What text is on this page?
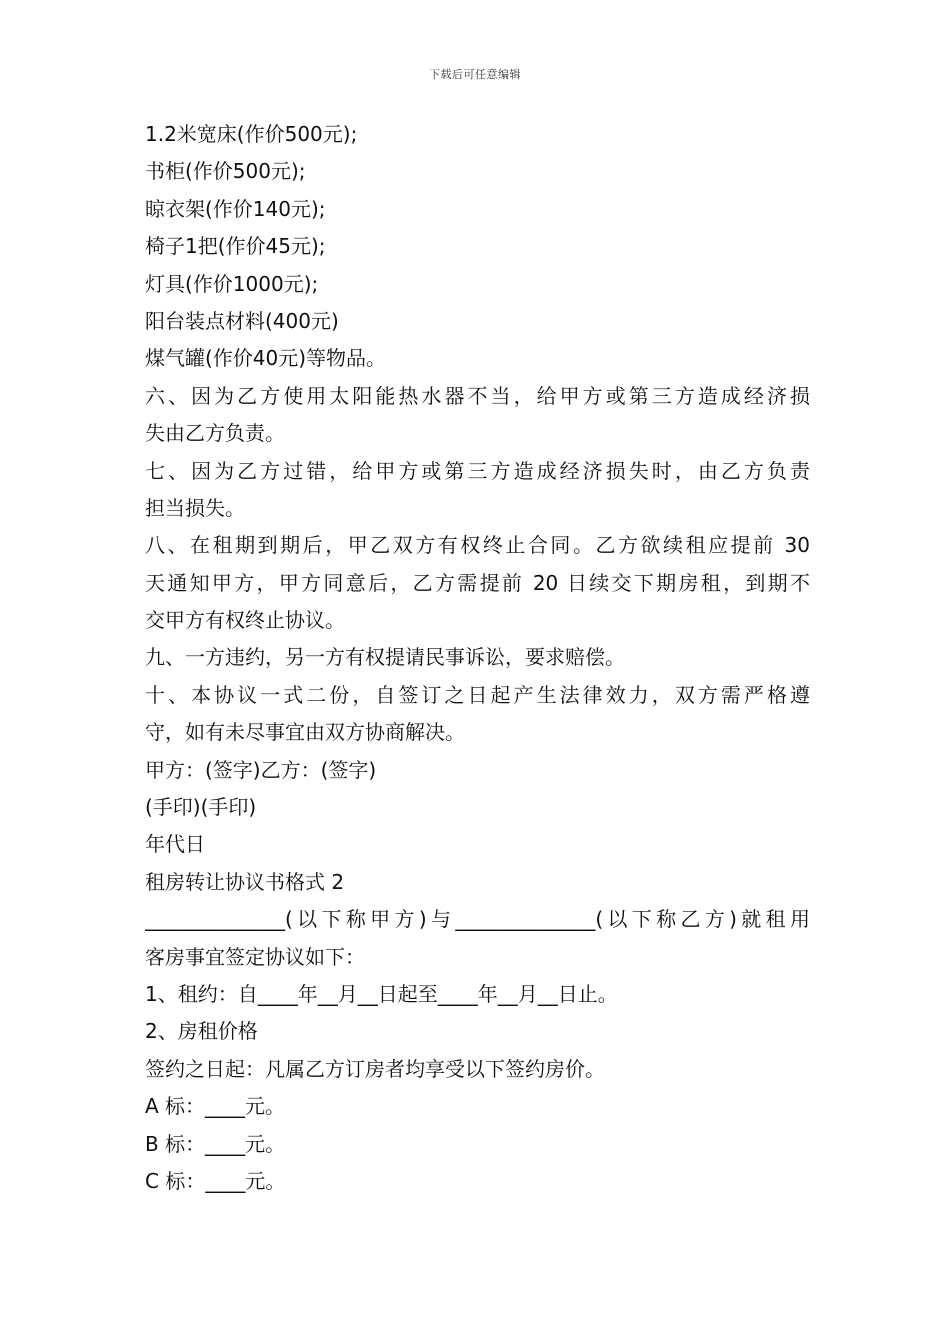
下载后可任意编辑
1.2米宽床(作价500元);
书柜(作价500元);
晾衣架(作价140元);
椅子1把(作价45元);
灯具(作价1000元);
阳台装点材料(400元)
煤气罐(作价40元)等物品。
六、因为乙方使用太阳能热水器不当，给甲方或第三方造成经济损
失由乙方负责。
七、因为乙方过错，给甲方或第三方造成经济损失时，由乙方负责
担当损失。
八、在租期到期后，甲乙双方有权终止合同。乙方欲续租应提前 30
天通知甲方，甲方同意后，乙方需提前 20 日续交下期房租，到期不
交甲方有权终止协议。
九、一方违约，另一方有权提请民事诉讼，要求赔偿。
十、本协议一式二份，自签订之日起产生法律效力，双方需严格遵
守，如有未尽事宜由双方协商解决。
甲方：(签字)乙方：(签字)
(手印)(手印)
年代日
租房转让协议书格式 2
______________(以下称甲方)与______________(以下称乙方)就租用
客房事宜签定协议如下：
1、租约：自____年__月__日起至____年__月__日止。
2、房租价格
签约之日起：凡属乙方订房者均享受以下签约房价。
A 标：____元。
B 标：____元。
C 标：____元。
